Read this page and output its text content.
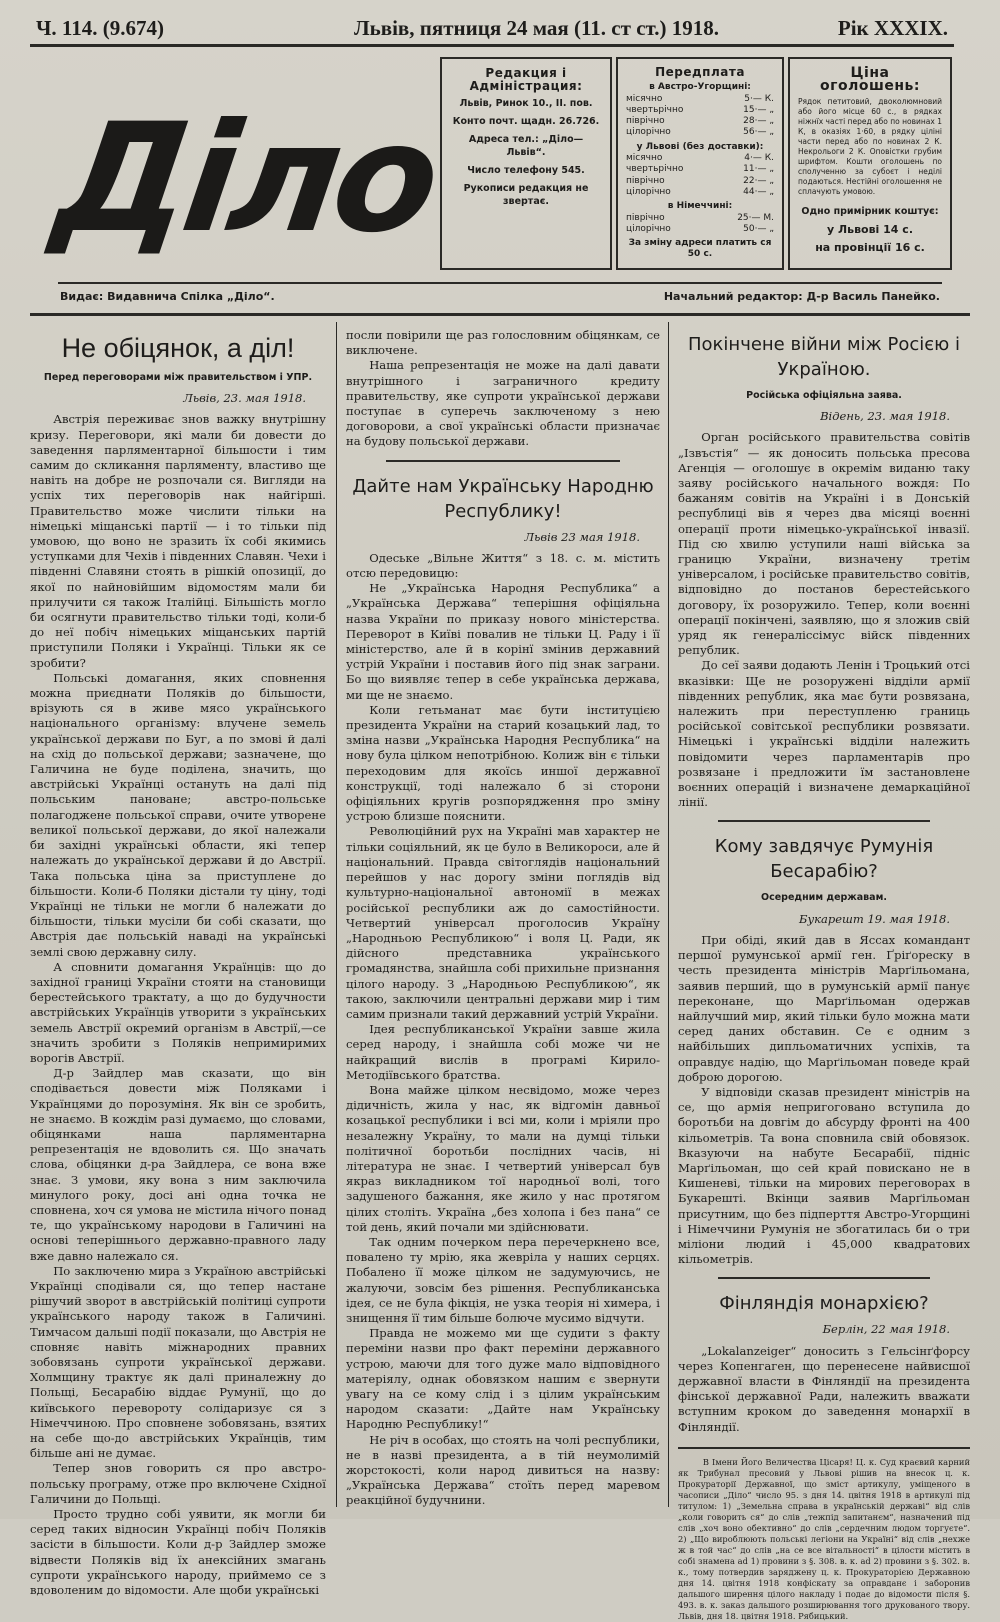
Ч. 114. (9.674)	Львів, пятниця 24 мая (11. ст ст.) 1918.	Рік XXXIX.
Діло
Редакция і Адміністрация:

Львів, Ринок 10., II. пов.

Конто почт. щадн. 26.726.

Адреса тел.: „Діло—Львів“.

Число телефону 545.

Рукописи редакция не звертає.

Передплата
в Австро-Угорщині:
місячно	5·— К.
чвертьрічно	15·— „
піврічно	28·— „
цілорічно	56·— „
у Львові (без доставки):
місячно	4·— К.
чвертьрічно	11·— „
піврічно	22·— „
цілорічно	44·— „
в Німеччині:
піврічно	25·— М.
цілорічно	50·— „
За зміну адреси платить ся 50 с.
Ціна оголошень:
Рядок петитовий, двоколюмновий або його місце 60 с., в рядках ніжнїх часті перед або по новинах 1 К, в оказіях 1·60, в рядку ціліні части перед або по новинах 2 К. Некрольоги 2 К. Оповістки грубим шрифтом. Кошти оголошень по сполученню за субоєт і неділі подаються. Нестійні оголошення не сплачують умовою.

Одно примірник коштує:

у Львові 14 с.

на провінції 16 с.

Видає: Видавнича Спілка „Діло“.	Начальний редактор: Д-р Василь Панейко.
Не обіцянок, а діл!
Перед переговорами між правительством і УПР.
Львів, 23. мая 1918.

Австрія переживає знов важку внутрішну кризу. Переговори, які мали би довести до заведення парляментарної більшости і тим самим до скликання парляменту, властиво ще навіть на добре не розпочали ся. Вигляди на успіх тих переговорів нак найгірші. Правительство може числити тільки на німецькі міщанські партії — і то тільки під умовою, що воно не зразить їх собі якимись уступками для Чехів і південних Славян. Чехи і південні Славяни стоять в рішкій опозиції, до якої по найновійшим відомостям мали би прилучити ся також Італійці. Більшість могло би осягнути правительство тільки тоді, коли-б до неї побіч німецьких міщанських партій приступили Поляки і Українці. Тільки як се зробити?

Польські домагання, яких сповнення можна приєднати Поляків до більшости, врізують ся в живе мясо українського національного організму: влучене земель української держави по Буг, а по змові й далі на схід до польської держави; зазначене, що Галичина не буде поділена, значить, що австрійські Українці остануть на далі під польським пановане; австро-польське полагоджене польської справи, очите утворене великої польської держави, до якої належали би західні українські области, які тепер належать до української держави й до Австрії. Така польська ціна за приступлене до більшости. Коли-б Поляки дістали ту ціну, тоді Українці не тільки не могли б належати до більшости, тільки мусіли би собі сказати, що Австрія дає польській наваді на українські землі свою державну силу.

А сповнити домагання Українців: що до західної границі України стояти на становищи берестейського трактату, а що до будучности австрійських Українців утворити з українських земель Австрії окремий організм в Австрії,—се значить зробити з Поляків непримиримих ворогів Австрії.

Д-р Зайдлер мав сказати, що він сподівається довести між Поляками і Українцями до порозуміня. Як він се зробить, не знаємо. В кождім разі думаємо, що словами, обіцянками наша парляментарна репрезентація не вдоволить ся. Що значать слова, обіцянки д-ра Зайдлера, се вона вже знає. З умови, яку вона з ним заключила минулого року, досі ані одна точка не сповнена, хоч ся умова не містила нічого понад те, що українському народови в Галичині на основі теперішнього державно-правного ладу вже давно належало ся.

По заключеню мира з Україною австрійські Українці сподівали ся, що тепер настане рішучий зворот в австрійській політиці супроти українського народу також в Галичині. Тимчасом дальші події показали, що Австрія не сповняє навіть міжнародних правних зобовязань супроти української держави. Холмщину трактує як далі приналежну до Польщі, Бесарабію віддає Румунії, що до київського перевороту солідаризує ся з Німеччиною. Про сповнене зобовязань, взятих на себе що-до австрійських Українців, тим більше ані не думає.

Тепер знов говорить ся про австро-польську програму, отже про включене Східної Галичини до Польщі.

Просто трудно собі уявити, як могли би серед таких відносин Українці побіч Поляків засісти в більшости. Коли д-р Зайдлер зможе відвести Поляків від їх анексійних змагань супроти українського народу, приймемо се з вдоволеним до відомости. Але щоби українські

посли повірили ще раз голословним обіцянкам, се виключене.

Наша репрезентація не може на далі давати внутрішного і заграничного кредиту правительству, яке супроти української держави поступає в суперечь заключеному з нею договорови, а свої українські области призначає на будову польської держави.

Дайте нам Українську Народню Республику!
Львів 23 мая 1918.

Одеське „Вільне Життя“ з 18. с. м. містить отсю передовицю:

Не „Українська Народня Республика“ а „Українська Держава“ теперішня офіціяльна назва України по приказу нового міністерства. Переворот в Київі повалив не тільки Ц. Раду і її міністерство, але й в корінї змінив державний устрій України і поставив його під знак заграни. Бо що виявляє тепер в себе українська держава, ми ще не знаємо.

Коли гетьманат має бути інституцією президента України на старий козацький лад, то зміна назви „Українська Народня Республика“ на нову була цілком непотрібною. Колиж він є тільки переходовим для якоїсь иншої державної конструкції, тоді належало б зі сторони офіціяльних кругів розпорядження про зміну устрою близше пояснити.

Революційний рух на Україні мав характер не тільки соціяльний, як це було в Великороси, але й національний. Правда світоглядів національний перейшов у нас дорогу зміни поглядів від культурно-національної автономії в межах російської республики аж до самостійности. Четвертий універсал проголосив Україну „Народньою Республикою“ і воля Ц. Ради, як дійсного представника українського громадянства, знайшла собі прихильне признання цілого народу. З „Народньою Республикою“, як такою, заключили центральні держави мир і тим самим признали такий державний устрій України.

Ідея республиканської України завше жила серед народу, і знайшла собі може чи не найкращий вислів в програмі Кирило-Методіївського братства.

Вона майже цілком несвідомо, може через дідичність, жила у нас, як відгомін давньої козацької республики і всі ми, коли і мріяли про незалежну Україну, то мали на думці тільки політичної боротьби послідних часів, ні література не знає. І четвертий універсал був якраз викладником тої народньої волі, того задушеного бажання, яке жило у нас протягом цілих століть. Україна „без холопа і без пана“ се той день, який почали ми здійснювати.

Так одним почерком пера перечеркнено все, повалено ту мрію, яка жевріла у наших серцях. Побалено її може цілком не задумуючись, не жалуючи, зовсім без рішення. Республиканська ідея, се не була фікція, не узка теорія ні химера, і знищення її тим більше болюче мусимо відчути.

Правда не можемо ми ще судити з факту переміни назви про факт переміни державного устрою, маючи для того дуже мало відповідного матеріялу, однак обовязком нашим є звернути увагу на се кому слід і з цілим українським народом сказати: „Дайте нам Українську Народню Республику!“

Не річ в особах, що стоять на чолі республики, не в назві президента, а в тій неумолимій жорстокості, коли народ дивиться на назву: „Українська Держава“ стоїть перед маревом реакційної будучнини.

Покінчене війни між Росією і Україною.
Російська офіціяльна заява.
Відень, 23. мая 1918.

Орган російського правительства совітів „Ізвъстія“ — як доносить польська пресова Агенція — оголошує в окремім виданю таку заяву російського начального вождя: По бажаням совітів на Україні і в Донській республиці вів я через два місяці воєнні операції проти німецько-української інвазії. Під сю хвилю уступили наші війська за границю України, визначену третім універсалом, і російське правительство совітів, відповідно до постанов берестейського договору, їх розоружило. Тепер, коли воєнні операції покінчені, заявляю, що я зложив свій уряд як генераліссімус війск південних републик.

До сеї заяви додають Ленін і Троцький отсі вказівки: Ще не розоружені відділи армії південних републик, яка має бути розвязана, належить при переступленю границь російської совітської республики розвязати. Німецькі і українські відділи належить повідомити через парламентарів про розвязане і предложити їм застановлене воєнних операцій і визначене демаркаційної лінії.

Кому завдячує Румунія Бесарабію?
Осередним державам.
Букарешт 19. мая 1918.

При обіді, який дав в Яссах командант першої румунської армії ген. Ґріґореску в честь президента міністрів Марґільомана, заявив перший, що в румунській армії панує переконане, що Марґільоман одержав найлучший мир, який тільки було можна мати серед даних обставин. Се є одним з найбільших дипльоматичних успіхів, та оправдує надію, що Марґільоман поведе край доброю дорогою.

У відповіди сказав президент міністрів на се, що армія непригоговано вступила до боротьби на довгім до абсурду фронті на 400 кільометрів. Та вона сповнила свій обовязок. Вказуючи на набуте Бесарабії, підніс Марґільоман, що сей край повискано не в Кишеневі, тільки на мирових переговорах в Букарешті. Вкінци заявив Марґільоман присутним, що без підперття Австро-Угорщині і Німеччини Румунія не збогатилась би о три міліони людий і 45,000 квадратових кільометрів.

Фінляндія монархією?
Берлін, 22 мая 1918.

„Lokalanzeiger“ доносить з Гельсінґфорсу через Копенгаген, що перенесене найвисшої державної власти в Фінляндії на президента фінської державної Ради, належить вважати вступним кроком до заведення монархії в Фінляндії.

В Імени Його Величества Цісаря! Ц. к. Суд краєвий карний як Трибунал пресовий у Львові рішив на внесок ц. к. Прокураторії Державної, що зміст артикулу, уміщеного в часописи „Діло“ число 95. з дня 14. цвітня 1918 в артикулі під титулом: 1) „Земельна справа в українській державі“ від слів „коли говорить ся“ до слів „тежпід запитанєм“, назначений під слів „хоч воно обективно“ до слів „сердечним людом торгуєте“. 2) „Що вироблюють польські легіони на Україні“ від слів „нехже ж в той час“ до слів „на се все вітальності“ в цілости містить в собі знамена ad 1) провини з §. 308. в. к. ad 2) провини з §. 302. в. к., тому потвердив заряджену ц. к. Прокураторією Державною дня 14. цвітня 1918 конфіскату за оправданє і заборонив дальшого ширення цілого накладу і подає до відомости після §. 493. в. к. заказ дальшого розширювання того друкованого твору. Львів, дня 18. цвітня 1918. Рябицький.
